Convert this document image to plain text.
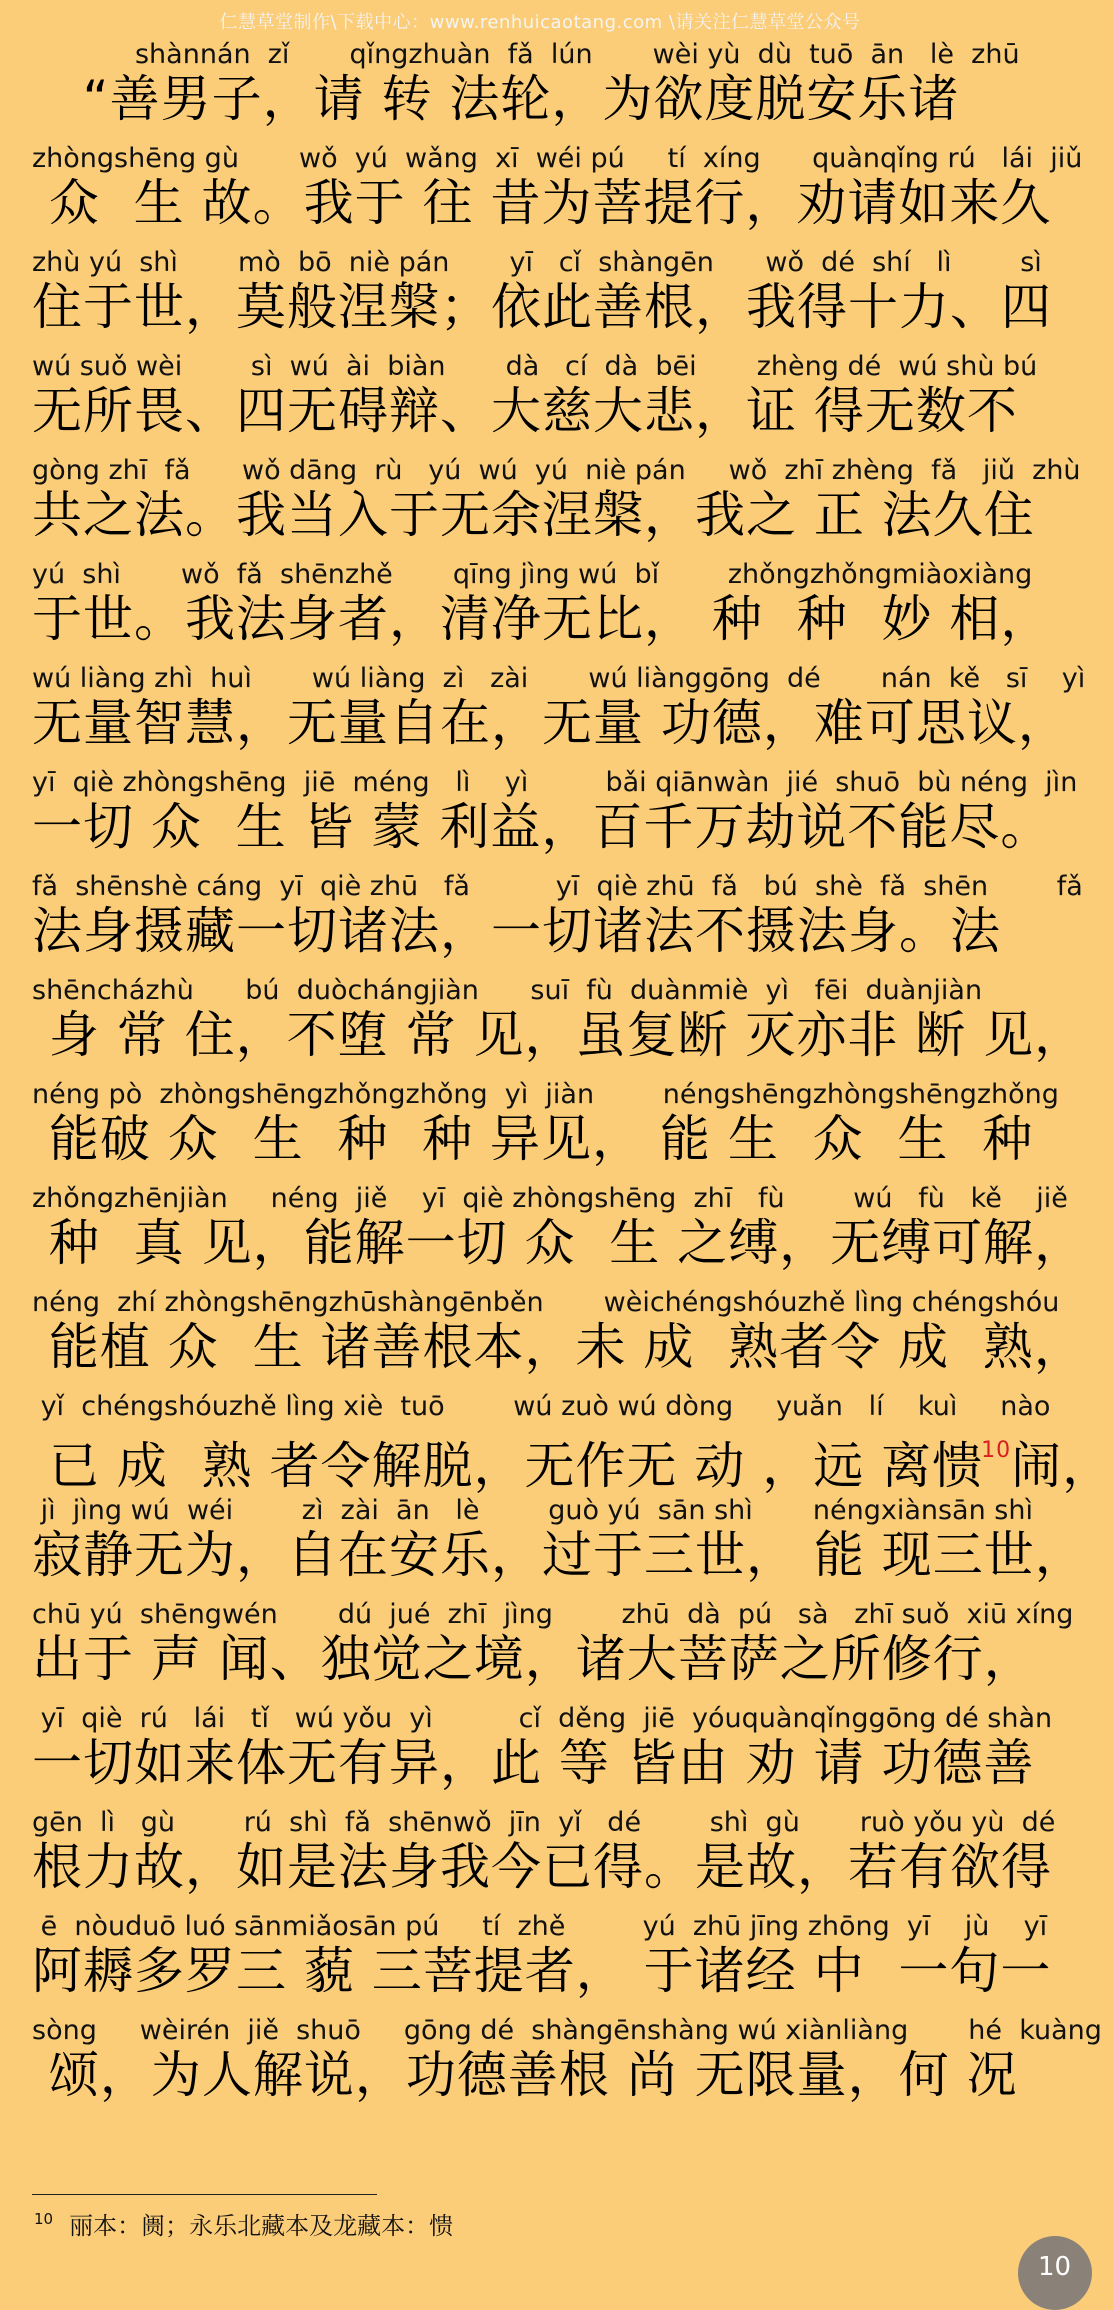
仁慧草堂制作\下载中心：www.renhuicaotang.com \请关注仁慧草堂公众号
shànnán  zǐ       qǐngzhuàn  fǎ  lún       wèi yù  dù  tuō  ān   lè  zhū
“善男子，请 转 法轮，为欲度脱安乐诸
zhòngshēng gù       wǒ  yú  wǎng  xī  wéi pú     tí  xíng      quànqǐng rú   lái  jiǔ
众  生 故。我于 往 昔为菩提行，劝请如来久
zhù yú  shì       mò  bō  niè pán       yī   cǐ  shàngēn      wǒ  dé  shí   lì        sì
住于世，莫般涅槃；依此善根，我得十力、四
wú suǒ wèi        sì  wú  ài  biàn       dà   cí  dà  bēi       zhèng dé  wú shù bú
无所畏、四无碍辩、大慈大悲，证 得无数不
gòng zhī  fǎ      wǒ dāng  rù   yú  wú  yú  niè pán     wǒ  zhī zhèng  fǎ   jiǔ  zhù
共之法。我当入于无余涅槃，我之 正 法久住
yú  shì       wǒ  fǎ  shēnzhě       qīng jìng wú  bǐ        zhǒngzhǒngmiàoxiàng
于世。我法身者，清净无比， 种  种  妙 相，
wú liàng zhì  huì       wú liàng  zì   zài       wú liànggōng  dé       nán  kě   sī    yì
无量智慧，无量自在，无量 功德，难可思议，
yī  qiè zhòngshēng  jiē  méng   lì    yì         bǎi qiānwàn  jié  shuō  bù néng  jìn
一切 众  生 皆 蒙 利益，百千万劫说不能尽。
fǎ  shēnshè cáng  yī  qiè zhū   fǎ          yī  qiè zhū  fǎ   bú  shè  fǎ  shēn        fǎ
法身摄藏一切诸法，一切诸法不摄法身。法
shēncházhù      bú  duòchángjiàn      suī  fù  duànmiè  yì   fēi  duànjiàn
身 常 住，不堕 常 见，虽复断 灭亦非 断 见，
néng pò  zhòngshēngzhǒngzhǒng  yì  jiàn        néngshēngzhòngshēngzhǒng
能破 众  生  种  种 异见， 能 生  众  生  种
zhǒngzhēnjiàn     néng  jiě    yī  qiè zhòngshēng  zhī   fù        wú   fù   kě    jiě
种  真 见，能解一切 众  生 之缚，无缚可解，
néng  zhí zhòngshēngzhūshàngēnběn       wèichéngshóuzhě lìng chéngshóu
能植 众  生 诸善根本，未 成  熟者令 成  熟，
yǐ  chéngshóuzhě lìng xiè  tuō        wú zuò wú dòng     yuǎn   lí    kuì     nào
已 成  熟 者令解脱，无作无 动 ，远 离愦$^{10}$闹，
jì  jìng wú  wéi        zì  zài  ān   lè        guò yú  sān shì       néngxiànsān shì
寂静无为，自在安乐，过于三世， 能 现三世，
chū yú  shēngwén       dú  jué  zhī  jìng        zhū  dà  pú   sà   zhī suǒ  xiū xíng
出于 声 闻、独觉之境，诸大菩萨之所修行，
yī  qiè  rú   lái   tǐ   wú yǒu  yì          cǐ  děng  jiē  yóuquànqǐnggōng dé shàn
一切如来体无有异，此 等 皆由 劝 请 功德善
gēn  lì   gù        rú  shì  fǎ  shēnwǒ  jīn  yǐ   dé        shì  gù       ruò yǒu yù  dé
根力故，如是法身我今已得。是故，若有欲得
ē  nòuduō luó sānmiǎosān pú     tí  zhě         yú  zhū jīng zhōng  yī    jù    yī
阿耨多罗三 藐 三菩提者， 于诸经 中  一句一
sòng     wèirén  jiě  shuō     gōng dé  shàngēnshàng wú xiànliàng       hé  kuàng
颂，为人解说，功德善根 尚 无限量，何 况
$^{10}$ 丽本：阓；永乐北藏本及龙藏本：愦
10
